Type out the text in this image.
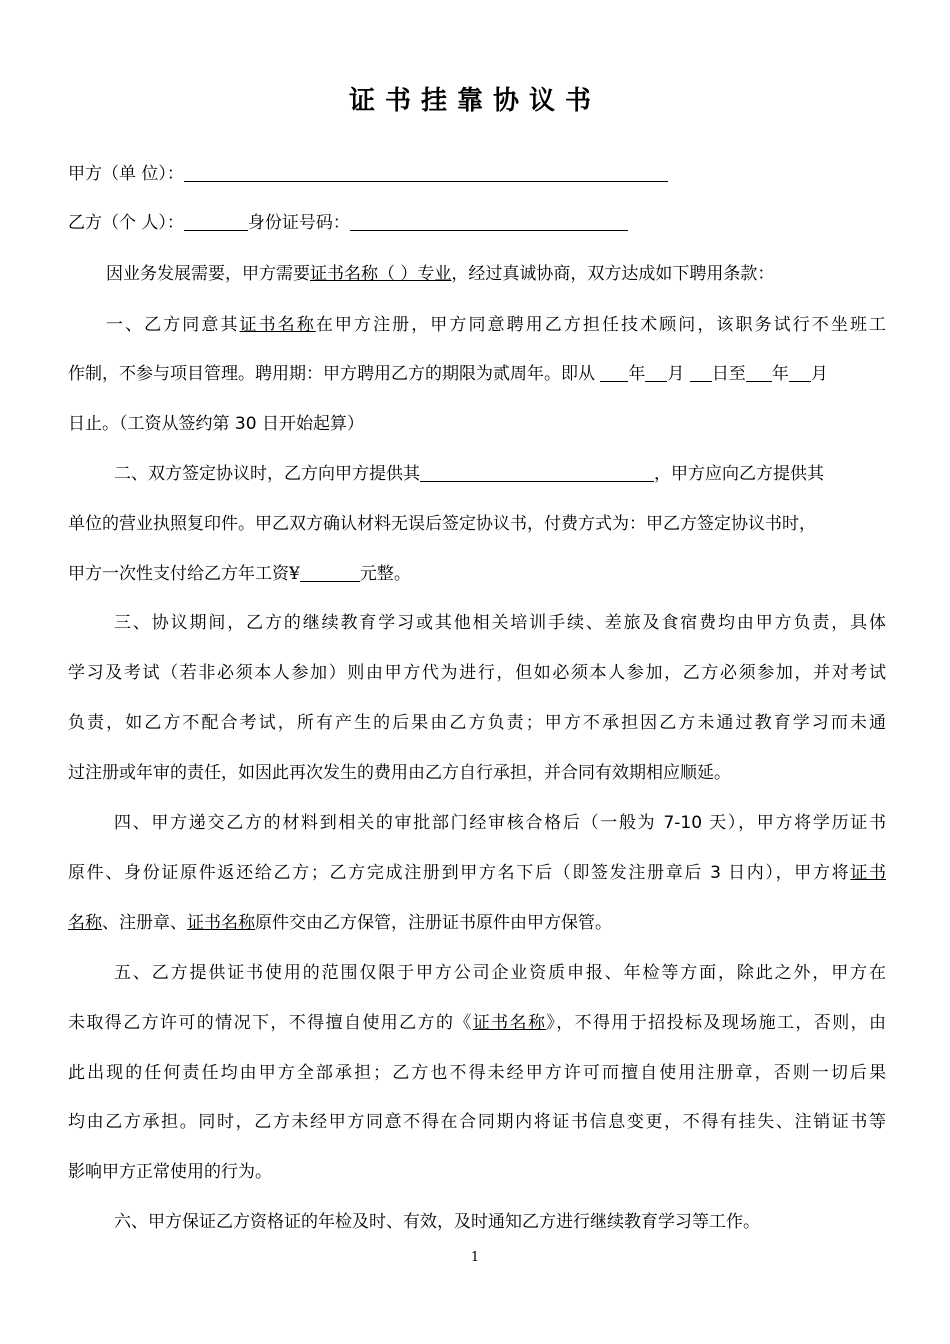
证书挂靠协议书
甲方（单 位）：
乙方（个 人）：	身份证号码：
因业务发展需要，甲方需要证书名称（ ）专业，经过真诚协商，双方达成如下聘用条款：
一、乙方同意其证书名称在甲方注册，甲方同意聘用乙方担任技术顾问，该职务试行不坐班工
作制，不参与项目管理。聘用期：甲方聘用乙方的期限为贰周年。即从 年 月 日至 年 月
日止。（工资从签约第 30 日开始起算）
二、双方签定协议时，乙方向甲方提供其	，甲方应向乙方提供其
单位的营业执照复印件。甲乙双方确认材料无误后签定协议书，付费方式为：甲乙方签定协议书时，
甲方一次性支付给乙方年工资¥	元整。
三、协议期间，乙方的继续教育学习或其他相关培训手续、差旅及食宿费均由甲方负责，具体
学习及考试（若非必须本人参加）则由甲方代为进行，但如必须本人参加，乙方必须参加，并对考试
负责，如乙方不配合考试，所有产生的后果由乙方负责；甲方不承担因乙方未通过教育学习而未通
过注册或年审的责任，如因此再次发生的费用由乙方自行承担，并合同有效期相应顺延。
四、甲方递交乙方的材料到相关的审批部门经审核合格后（一般为 7-10 天），甲方将学历证书
原件、身份证原件返还给乙方；乙方完成注册到甲方名下后（即签发注册章后 3 日内），甲方将证书
名称、注册章、证书名称原件交由乙方保管，注册证书原件由甲方保管。
五、乙方提供证书使用的范围仅限于甲方公司企业资质申报、年检等方面，除此之外，甲方在
未取得乙方许可的情况下，不得擅自使用乙方的《证书名称》，不得用于招投标及现场施工，否则，由
此出现的任何责任均由甲方全部承担；乙方也不得未经甲方许可而擅自使用注册章，否则一切后果
均由乙方承担。同时，乙方未经甲方同意不得在合同期内将证书信息变更，不得有挂失、注销证书等
影响甲方正常使用的行为。
六、甲方保证乙方资格证的年检及时、有效，及时通知乙方进行继续教育学习等工作。
1
